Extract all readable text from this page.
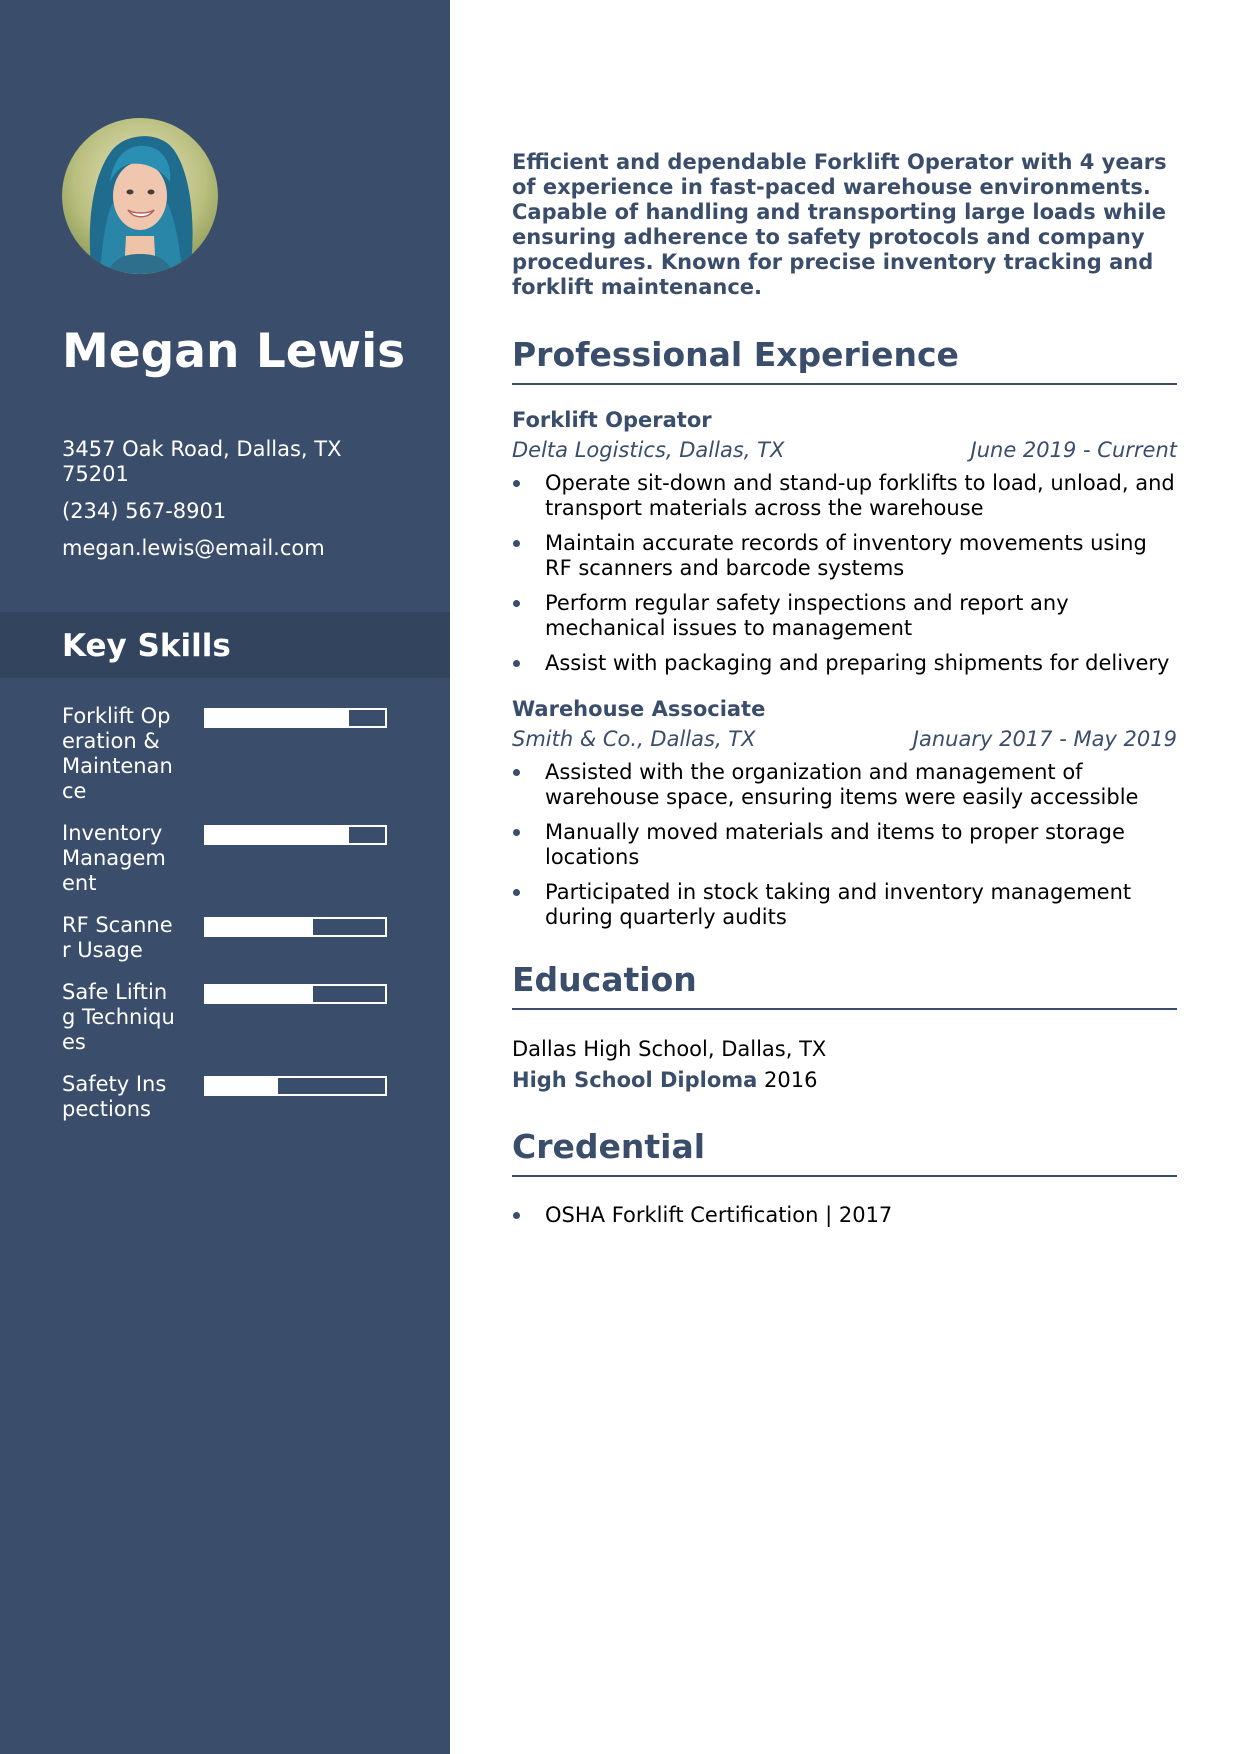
Megan Lewis
3457 Oak Road, Dallas, TX 75201
(234) 567-8901
megan.lewis@email.com
Key Skills
Forklift Operation & Maintenance
Inventory Management
RF Scanner Usage
Safe Lifting Techniques
Safety Inspections

Efficient and dependable Forklift Operator with 4 years of experience in fast-paced warehouse environments. Capable of handling and transporting large loads while ensuring adherence to safety protocols and company procedures. Known for precise inventory tracking and forklift maintenance.

Professional Experience
Forklift Operator
Delta Logistics, Dallas, TX	June 2019 - Current
Operate sit-down and stand-up forklifts to load, unload, and transport materials across the warehouse
Maintain accurate records of inventory movements using RF scanners and barcode systems
Perform regular safety inspections and report any mechanical issues to management
Assist with packaging and preparing shipments for delivery
Warehouse Associate
Smith & Co., Dallas, TX	January 2017 - May 2019
Assisted with the organization and management of warehouse space, ensuring items were easily accessible
Manually moved materials and items to proper storage locations
Participated in stock taking and inventory management during quarterly audits
Education
Dallas High School, Dallas, TX
High School Diploma 2016
Credential
OSHA Forklift Certification | 2017
